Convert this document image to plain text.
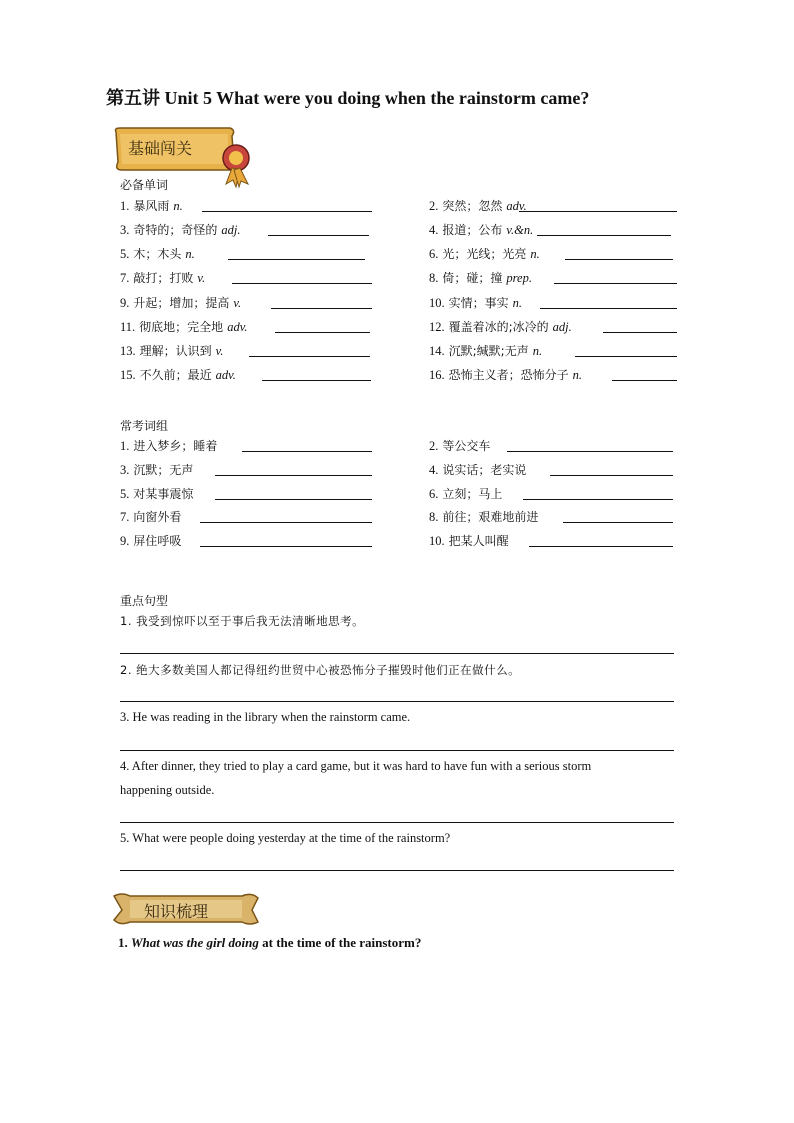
第五讲 Unit 5 What were you doing when the rainstorm came?
基础闯关
必备单词
1. 暴风雨 n.	2. 突然；忽然 adv.
3. 奇特的；奇怪的 adj.	4. 报道；公布 v.&n.
5. 木；木头 n.	6. 光；光线；光亮 n.
7. 敲打；打败 v.	8. 倚；碰；撞 prep.
9. 升起；增加；提高 v.	10. 实情；事实 n.
11. 彻底地；完全地 adv.	12. 覆盖着冰的;冰冷的 adj.
13. 理解；认识到 v.	14. 沉默;缄默;无声 n.
15. 不久前；最近 adv.	16. 恐怖主义者；恐怖分子 n.
常考词组
1. 进入梦乡；睡着	2. 等公交车
3. 沉默；无声	4. 说实话；老实说
5. 对某事震惊	6. 立刻；马上
7. 向窗外看	8. 前往；艰难地前进
9. 屏住呼吸	10. 把某人叫醒
重点句型
1. 我受到惊吓以至于事后我无法清晰地思考。
2. 绝大多数美国人都记得纽约世贸中心被恐怖分子摧毁时他们正在做什么。
3. He was reading in the library when the rainstorm came.
4. After dinner, they tried to play a card game, but it was hard to have fun with a serious storm
happening outside.
5. What were people doing yesterday at the time of the rainstorm?
知识梳理
1. What was the girl doing at the time of the rainstorm?
